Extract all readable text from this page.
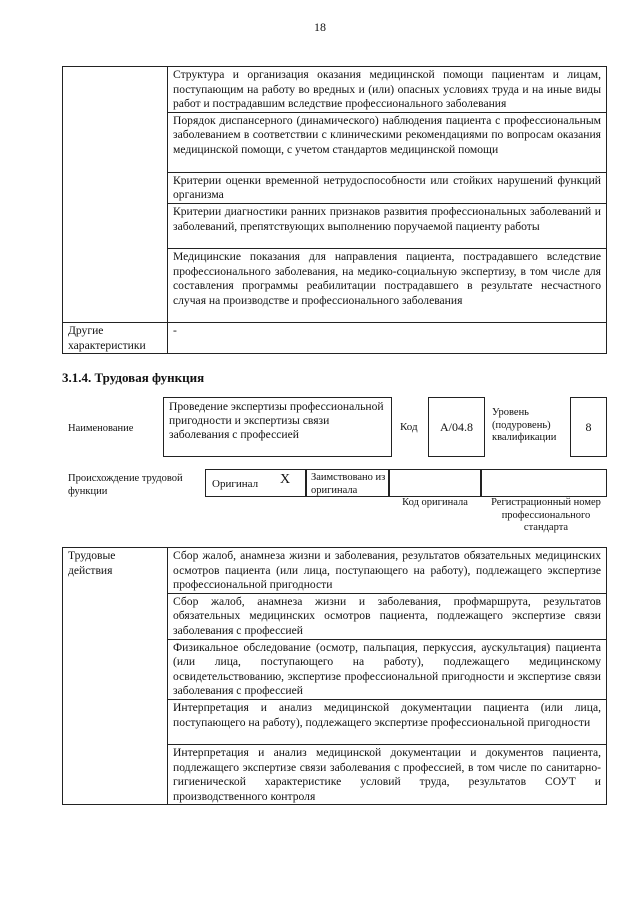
18
	Структура и организация оказания медицинской помощи пациентам и лицам, поступающим на работу во вредных и (или) опасных условиях труда и на иные виды работ и пострадавшим вследствие профессионального заболевания
	Порядок диспансерного (динамического) наблюдения пациента с профессиональным заболеванием в соответствии с клиническими рекомендациями по вопросам оказания медицинской помощи, с учетом стандартов медицинской помощи
	Критерии оценки временной нетрудоспособности или стойких нарушений функций организма
	Критерии диагностики ранних признаков развития профессиональных заболеваний и заболеваний, препятствующих выполнению поручаемой пациенту работы
	Медицинские показания для направления пациента, пострадавшего вследствие профессионального заболевания, на медико-социальную экспертизу, в том числе для составления программы реабилитации пострадавшего в результате несчастного случая на производстве и профессионального заболевания
Другие характеристики	-
3.1.4. Трудовая функция
Наименование
Проведение экспертизы профессиональной пригодности и экспертизы связи заболевания с профессией
Код	A/04.8
Уровень (подуровень) квалификации
8
Происхождение трудовой функции
Оригинал X Заимствовано из оригинала
Код оригинала	Регистрационный номер профессионального стандарта
Трудовые действия	Сбор жалоб, анамнеза жизни и заболевания, результатов обязательных медицинских осмотров пациента (или лица, поступающего на работу), подлежащего экспертизе профессиональной пригодности
Сбор жалоб, анамнеза жизни и заболевания, профмаршрута, результатов обязательных медицинских осмотров пациента, подлежащего экспертизе связи заболевания с профессией
Физикальное обследование (осмотр, пальпация, перкуссия, аускультация) пациента (или лица, поступающего на работу), подлежащего медицинскому освидетельствованию, экспертизе профессиональной пригодности и экспертизе связи заболевания с профессией
Интерпретация и анализ медицинской документации пациента (или лица, поступающего на работу), подлежащего экспертизе профессиональной пригодности
Интерпретация и анализ медицинской документации и документов пациента, подлежащего экспертизе связи заболевания с профессией, в том числе по санитарно-гигиенической характеристике условий труда, результатов СОУТ и производственного контроля
